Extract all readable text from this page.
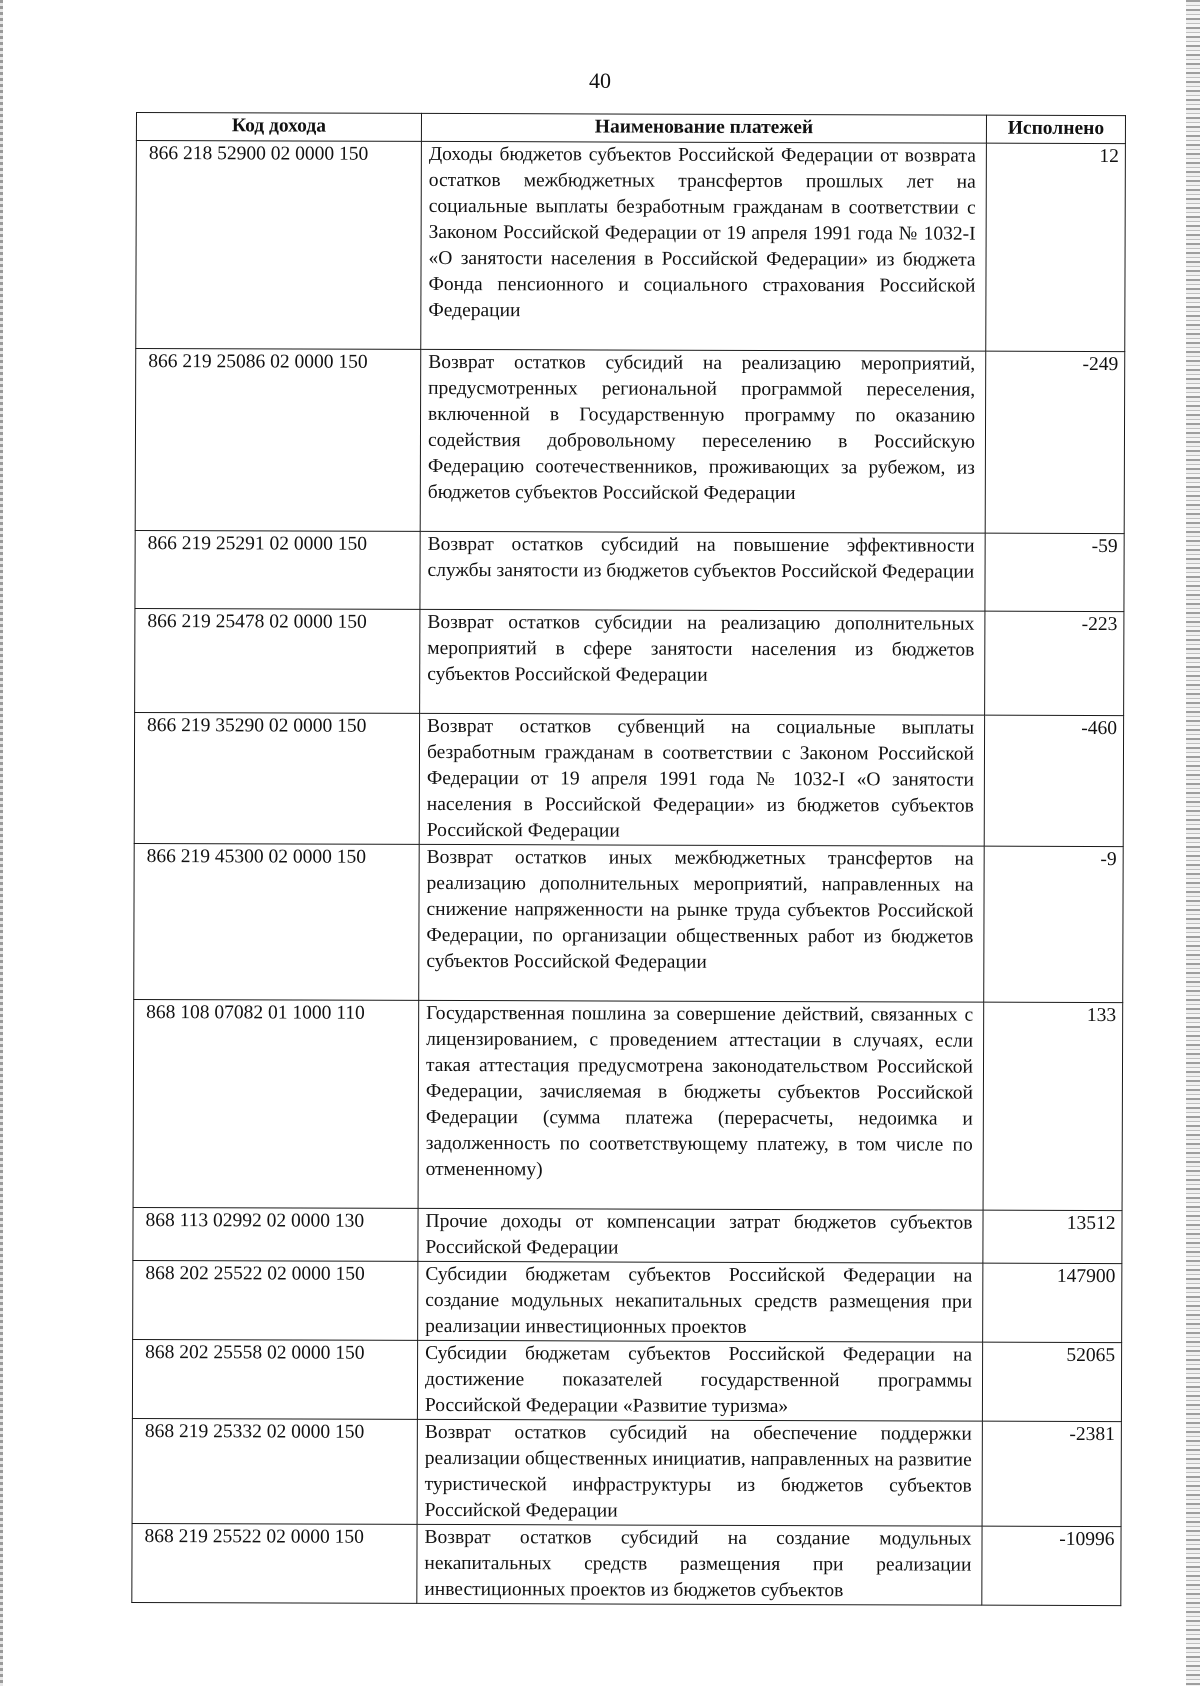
40
Код дохода	Наименование платежей	Исполнено
866 218 52900 02 0000 150	Доходы бюджетов субъектов Российской Федерации от возврата остатков межбюджетных трансфертов прошлых лет на социальные выплаты безработным гражданам в соответствии с Законом Российской Федерации от 19 апреля 1991 года № 1032-I «О занятости населения в Российской Федерации» из бюджета Фонда пенсионного и социального страхования Российской Федерации	12
866 219 25086 02 0000 150	Возврат остатков субсидий на реализацию мероприятий, предусмотренных региональной программой переселения, включенной в Государственную программу по оказанию содействия добровольному переселению в Российскую Федерацию соотечественников, проживающих за рубежом, из бюджетов субъектов Российской Федерации	-249
866 219 25291 02 0000 150	Возврат остатков субсидий на повышение эффективности службы занятости из бюджетов субъектов Российской Федерации	-59
866 219 25478 02 0000 150	Возврат остатков субсидии на реализацию дополнительных мероприятий в сфере занятости населения из бюджетов субъектов Российской Федерации	-223
866 219 35290 02 0000 150	Возврат остатков субвенций на социальные выплаты безработным гражданам в соответствии с Законом Российской Федерации от 19 апреля 1991 года № 1032-I «О занятости населения в Российской Федерации» из бюджетов субъектов Российской Федерации	-460
866 219 45300 02 0000 150	Возврат остатков иных межбюджетных трансфертов на реализацию дополнительных мероприятий, направленных на снижение напряженности на рынке труда субъектов Российской Федерации, по организации общественных работ из бюджетов субъектов Российской Федерации	-9
868 108 07082 01 1000 110	Государственная пошлина за совершение действий, связанных с лицензированием, с проведением аттестации в случаях, если такая аттестация предусмотрена законодательством Российской Федерации, зачисляемая в бюджеты субъектов Российской Федерации (сумма платежа (перерасчеты, недоимка и задолженность по соответствующему платежу, в том числе по отмененному)	133
868 113 02992 02 0000 130	Прочие доходы от компенсации затрат бюджетов субъектов Российской Федерации	13512
868 202 25522 02 0000 150	Субсидии бюджетам субъектов Российской Федерации на создание модульных некапитальных средств размещения при реализации инвестиционных проектов	147900
868 202 25558 02 0000 150	Субсидии бюджетам субъектов Российской Федерации на достижение показателей государственной программы Российской Федерации «Развитие туризма»	52065
868 219 25332 02 0000 150	Возврат остатков субсидий на обеспечение поддержки реализации общественных инициатив, направленных на развитие туристической инфраструктуры из бюджетов субъектов Российской Федерации	-2381
868 219 25522 02 0000 150	Возврат остатков субсидий на создание модульных некапитальных средств размещения при реализации инвестиционных проектов из бюджетов субъектов	-10996
